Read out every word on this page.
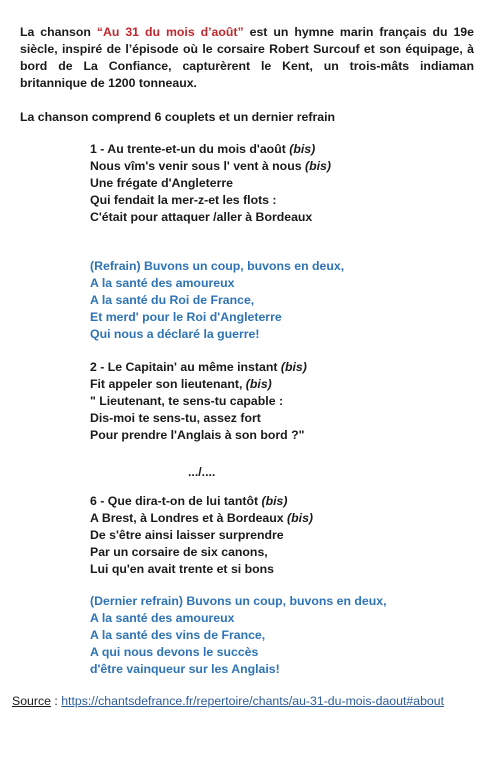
La chanson “Au 31 du mois d’août” est un hymne marin français du 19e siècle, inspiré de l’épisode où le corsaire Robert Surcouf et son équipage, à bord de La Confiance, capturèrent le Kent, un trois-mâts indiaman britannique de 1200 tonneaux.

La chanson comprend 6 couplets et un dernier refrain

1 - Au trente-et-un du mois d'août (bis)
Nous vîm's venir sous l' vent à nous (bis)
Une frégate d'Angleterre
Qui fendait la mer-z-et les flots :
C'était pour attaquer /aller à Bordeaux
(Refrain) Buvons un coup, buvons en deux,
A la santé des amoureux
A la santé du Roi de France,
Et merd' pour le Roi d'Angleterre
Qui nous a déclaré la guerre!
2 - Le Capitain' au même instant (bis)
Fit appeler son lieutenant, (bis)
" Lieutenant, te sens-tu capable :
Dis-moi te sens-tu, assez fort
Pour prendre l'Anglais à son bord ?"

.../....

6 - Que dira-t-on de lui tantôt (bis)
A Brest, à Londres et à Bordeaux (bis)
De s'être ainsi laisser surprendre
Par un corsaire de six canons,
Lui qu'en avait trente et si bons
(Dernier refrain) Buvons un coup, buvons en deux,
A la santé des amoureux
A la santé des vins de France,
A qui nous devons le succès
d'être vainqueur sur les Anglais!

Source : https://chantsdefrance.fr/repertoire/chants/au-31-du-mois-daout#about
